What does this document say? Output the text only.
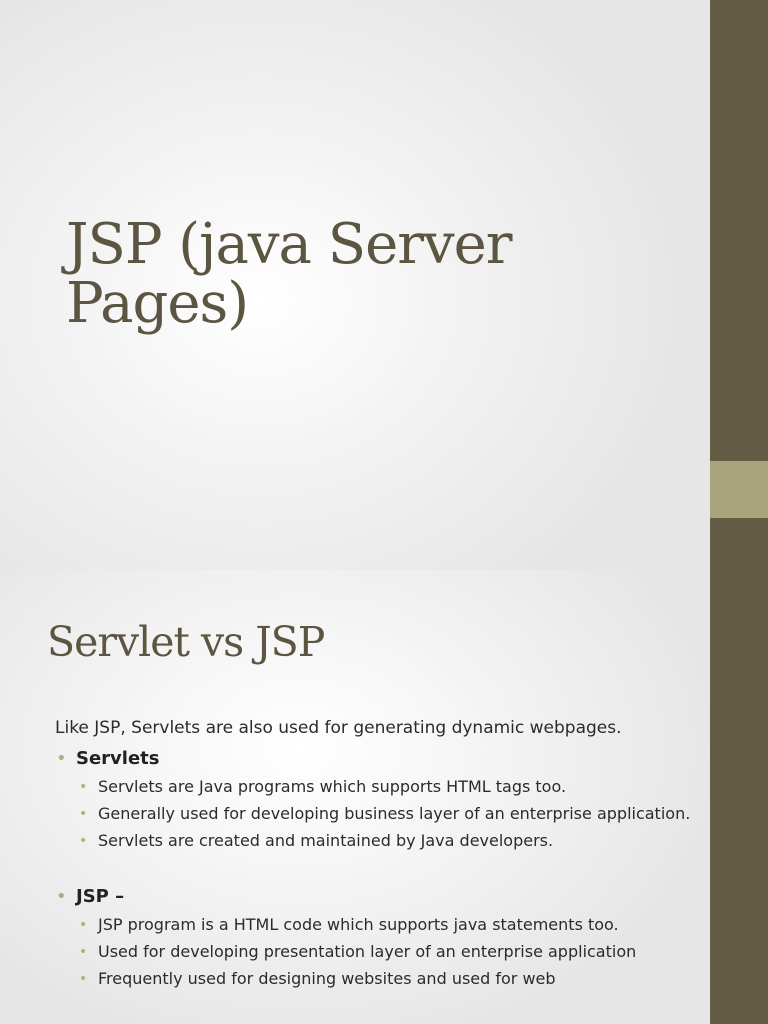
JSP (java Server
Pages)
Servlet vs JSP
Like JSP, Servlets are also used for generating dynamic webpages.
• Servlets
• Servlets are Java programs which supports HTML tags too.
• Generally used for developing business layer of an enterprise application.
• Servlets are created and maintained by Java developers.
• JSP –
• JSP program is a HTML code which supports java statements too.
• Used for developing presentation layer of an enterprise application
• Frequently used for designing websites and used for web
